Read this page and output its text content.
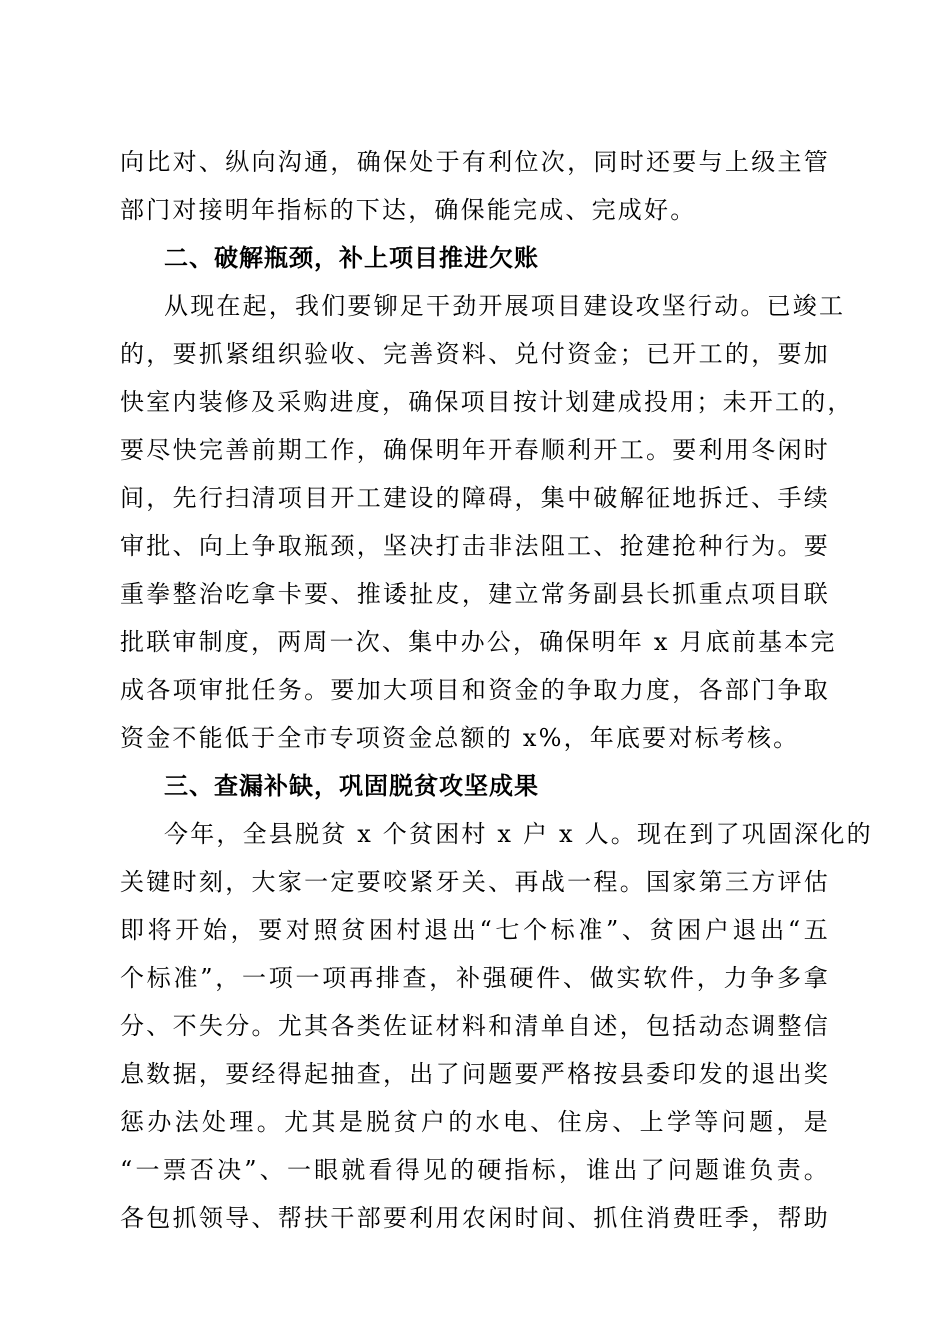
向比对、纵向沟通，确保处于有利位次，同时还要与上级主管
部门对接明年指标的下达，确保能完成、完成好。
二、破解瓶颈，补上项目推进欠账
从现在起，我们要铆足干劲开展项目建设攻坚行动。已竣工
的，要抓紧组织验收、完善资料、兑付资金；已开工的，要加
快室内装修及采购进度，确保项目按计划建成投用；未开工的，
要尽快完善前期工作，确保明年开春顺利开工。要利用冬闲时
间，先行扫清项目开工建设的障碍，集中破解征地拆迁、手续
审批、向上争取瓶颈，坚决打击非法阻工、抢建抢种行为。要
重拳整治吃拿卡要、推诿扯皮，建立常务副县长抓重点项目联
批联审制度，两周一次、集中办公，确保明年 x 月底前基本完
成各项审批任务。要加大项目和资金的争取力度，各部门争取
资金不能低于全市专项资金总额的 x%，年底要对标考核。
三、查漏补缺，巩固脱贫攻坚成果
今年，全县脱贫 x 个贫困村 x 户 x 人。现在到了巩固深化的
关键时刻，大家一定要咬紧牙关、再战一程。国家第三方评估
即将开始，要对照贫困村退出“七个标准”、贫困户退出“五
个标准”，一项一项再排查，补强硬件、做实软件，力争多拿
分、不失分。尤其各类佐证材料和清单自述，包括动态调整信
息数据，要经得起抽查，出了问题要严格按县委印发的退出奖
惩办法处理。尤其是脱贫户的水电、住房、上学等问题，是
“一票否决”、一眼就看得见的硬指标，谁出了问题谁负责。
各包抓领导、帮扶干部要利用农闲时间、抓住消费旺季，帮助
